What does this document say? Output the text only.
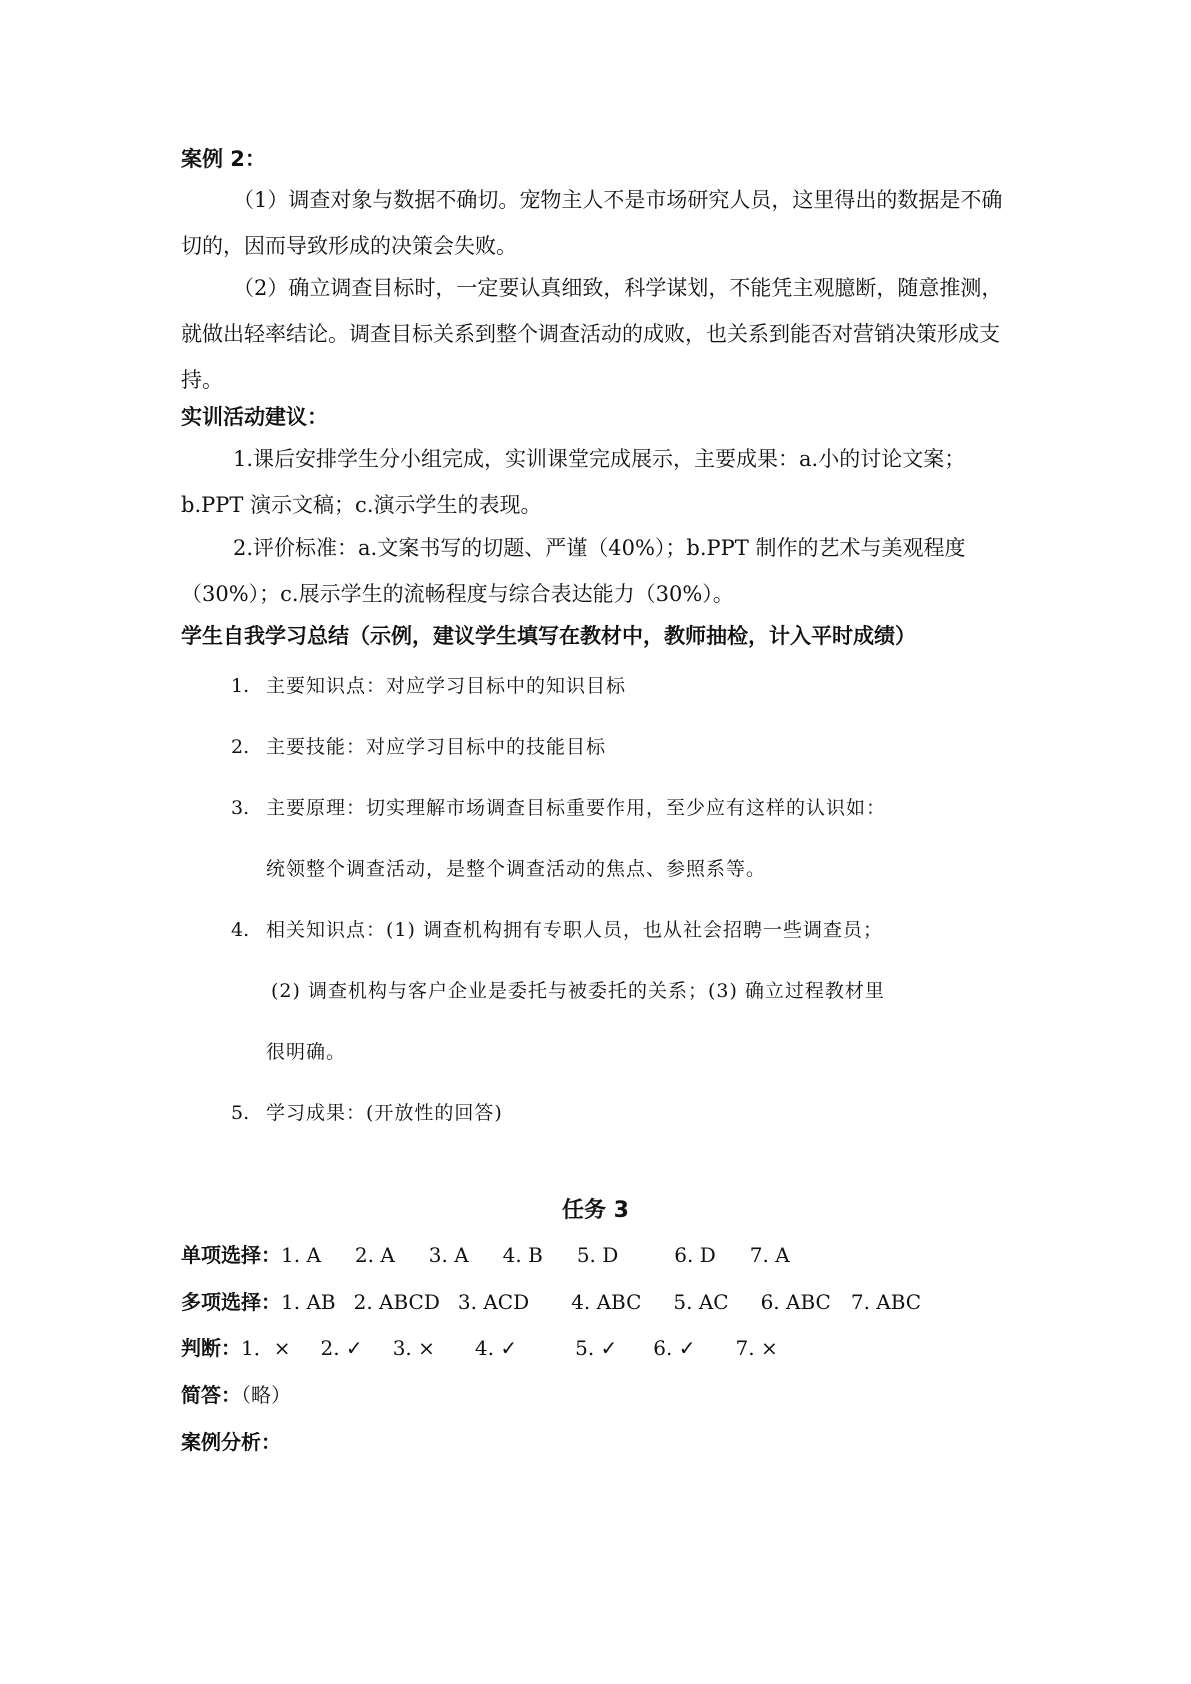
案例 2：
（1）调查对象与数据不确切。宠物主人不是市场研究人员，这里得出的数据是不确切的，因而导致形成的决策会失败。
（2）确立调查目标时，一定要认真细致，科学谋划，不能凭主观臆断，随意推测，就做出轻率结论。调查目标关系到整个调查活动的成败，也关系到能否对营销决策形成支持。
实训活动建议：
1.课后安排学生分小组完成，实训课堂完成展示，主要成果：a.小的讨论文案；b.PPT 演示文稿；c.演示学生的表现。
2.评价标准：a.文案书写的切题、严谨（40%）；b.PPT 制作的艺术与美观程度（30%）；c.展示学生的流畅程度与综合表达能力（30%）。
学生自我学习总结（示例，建议学生填写在教材中，教师抽检，计入平时成绩）
1. 主要知识点：对应学习目标中的知识目标
2. 主要技能：对应学习目标中的技能目标
3. 主要原理：切实理解市场调查目标重要作用，至少应有这样的认识如：
统领整个调查活动，是整个调查活动的焦点、参照系等。
4. 相关知识点：(1) 调查机构拥有专职人员，也从社会招聘一些调查员；
(2) 调查机构与客户企业是委托与被委托的关系；(3) 确立过程教材里
很明确。
5. 学习成果：(开放性的回答)
任务 3
单项选择：1. A 2. A 3. A 4. B 5. D	6. D 7. A
多项选择：1. AB 2. ABCD 3. ACD 4. ABC 5. AC 6. ABC 7. ABC
判断：1．× 2. ✓ 3. × 4. ✓	5. ✓ 6. ✓ 7. ×
简答：（略）
案例分析：
